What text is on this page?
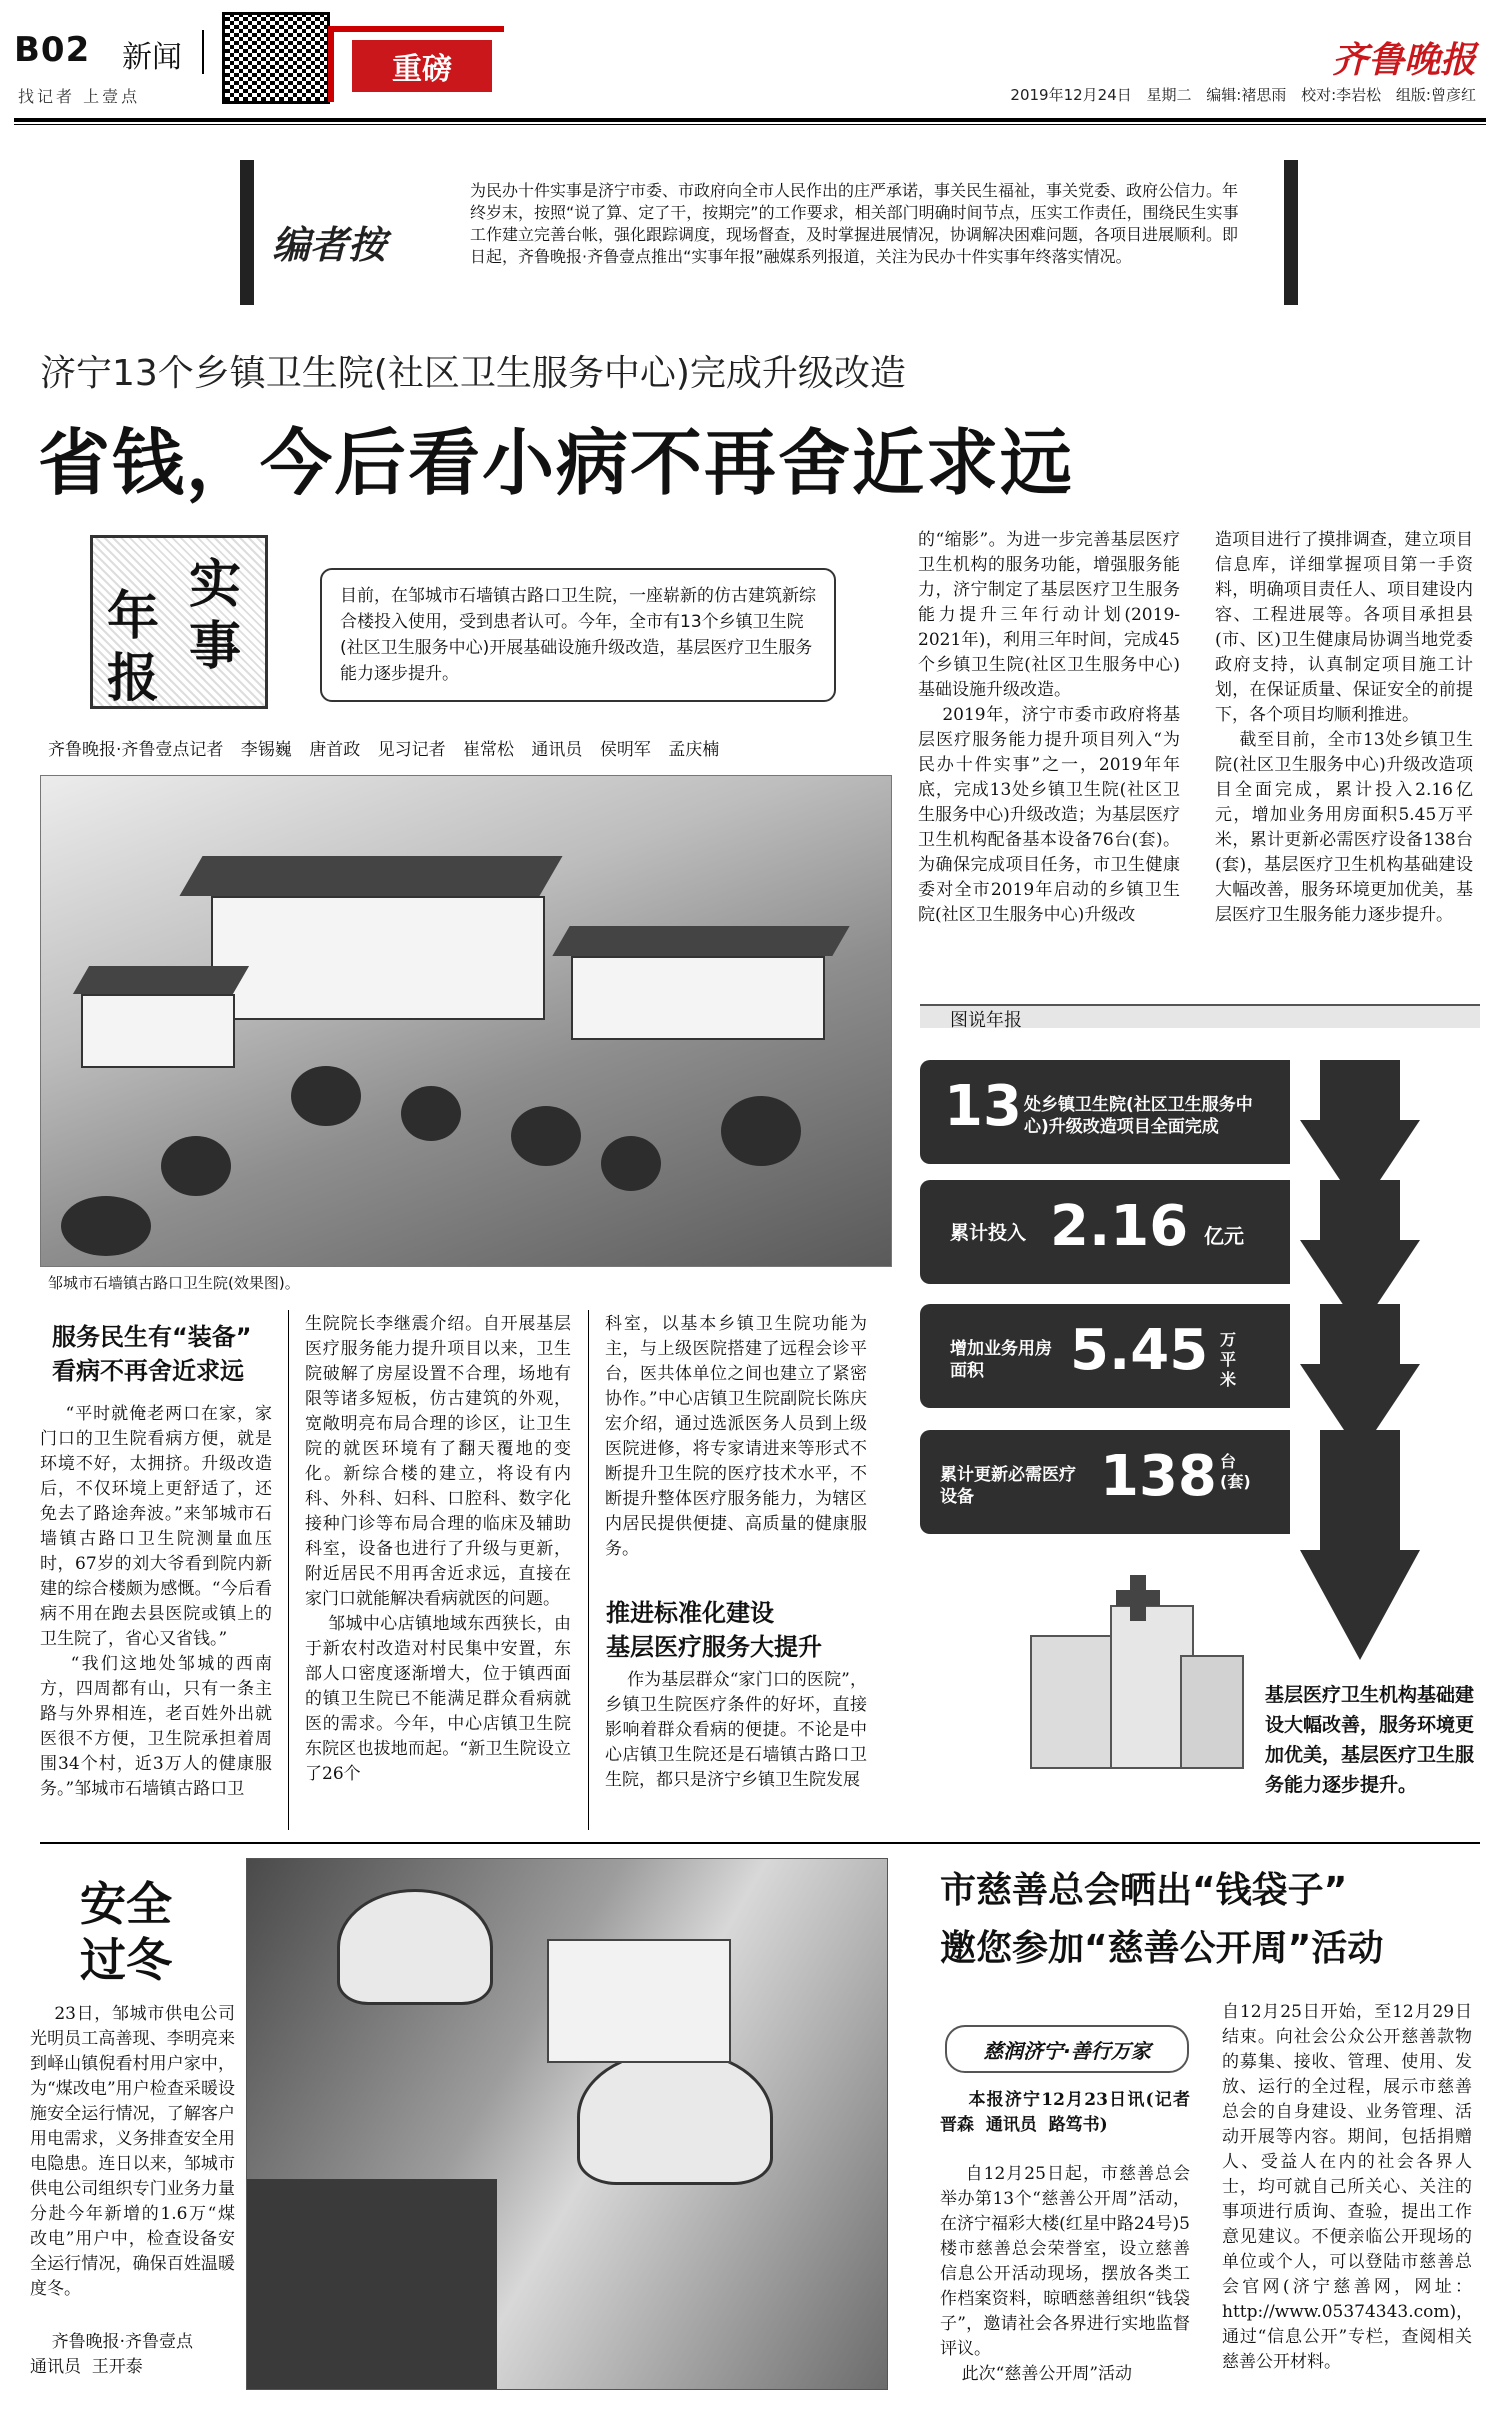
B02 新闻
找记者 上壹点
重磅	齐鲁晚报
2019年12月24日 星期二 编辑:褚思雨 校对:李岩松 组版:曾彦红
编者按
为民办十件实事是济宁市委、市政府向全市人民作出的庄严承诺，事关民生福祉，事关党委、政府公信力。年终岁末，按照“说了算、定了干，按期完”的工作要求，相关部门明确时间节点，压实工作责任，围绕民生实事工作建立完善台帐，强化跟踪调度，现场督查，及时掌握进展情况，协调解决困难问题，各项目进展顺利。即日起，齐鲁晚报·齐鲁壹点推出“实事年报”融媒系列报道，关注为民办十件实事年终落实情况。
济宁13个乡镇卫生院(社区卫生服务中心)完成升级改造
省钱，今后看小病不再舍近求远
年
实
报
事
目前，在邹城市石墙镇古路口卫生院，一座崭新的仿古建筑新综合楼投入使用，受到患者认可。今年，全市有13个乡镇卫生院(社区卫生服务中心)开展基础设施升级改造，基层医疗卫生服务能力逐步提升。
齐鲁晚报·齐鲁壹点记者 李锡巍 唐首政 见习记者 崔常松 通讯员 侯明军 孟庆楠
邹城市石墙镇古路口卫生院(效果图)。
服务民生有“装备”
看病不再舍近求远
推进标准化建设
基层医疗服务大提升
“平时就俺老两口在家，家门口的卫生院看病方便，就是环境不好，太拥挤。升级改造后，不仅环境上更舒适了，还免去了路途奔波。”来邹城市石墙镇古路口卫生院测量血压时，67岁的刘大爷看到院内新建的综合楼颇为感慨。“今后看病不用在跑去县医院或镇上的卫生院了，省心又省钱。”
“我们这地处邹城的西南方，四周都有山，只有一条主路与外界相连，老百姓外出就医很不方便，卫生院承担着周围34个村，近3万人的健康服务。”邹城市石墙镇古路口卫
生院院长李继震介绍。自开展基层医疗服务能力提升项目以来，卫生院破解了房屋设置不合理，场地有限等诸多短板，仿古建筑的外观，宽敞明亮布局合理的诊区，让卫生院的就医环境有了翻天覆地的变化。新综合楼的建立，将设有内科、外科、妇科、口腔科、数字化接种门诊等布局合理的临床及辅助科室，设备也进行了升级与更新，附近居民不用再舍近求远，直接在家门口就能解决看病就医的问题。
邹城中心店镇地域东西狭长，由于新农村改造对村民集中安置，东部人口密度逐渐增大，位于镇西面的镇卫生院已不能满足群众看病就医的需求。今年，中心店镇卫生院东院区也拔地而起。“新卫生院设立了26个
科室，以基本乡镇卫生院功能为主，与上级医院搭建了远程会诊平台，医共体单位之间也建立了紧密协作。”中心店镇卫生院副院长陈庆宏介绍，通过选派医务人员到上级医院进修，将专家请进来等形式不断提升卫生院的医疗技术水平，不断提升整体医疗服务能力，为辖区内居民提供便捷、高质量的健康服务。
作为基层群众“家门口的医院”，乡镇卫生院医疗条件的好坏，直接影响着群众看病的便捷。不论是中心店镇卫生院还是石墙镇古路口卫生院，都只是济宁乡镇卫生院发展
的“缩影”。为进一步完善基层医疗卫生机构的服务功能，增强服务能力，济宁制定了基层医疗卫生服务能力提升三年行动计划(2019-2021年)，利用三年时间，完成45个乡镇卫生院(社区卫生服务中心)基础设施升级改造。
2019年，济宁市委市政府将基层医疗服务能力提升项目列入“为民办十件实事”之一，2019年年底，完成13处乡镇卫生院(社区卫生服务中心)升级改造；为基层医疗卫生机构配备基本设备76台(套)。为确保完成项目任务，市卫生健康委对全市2019年启动的乡镇卫生院(社区卫生服务中心)升级改
造项目进行了摸排调查，建立项目信息库，详细掌握项目第一手资料，明确项目责任人、项目建设内容、工程进展等。各项目承担县(市、区)卫生健康局协调当地党委政府支持，认真制定项目施工计划，在保证质量、保证安全的前提下，各个项目均顺利推进。
截至目前，全市13处乡镇卫生院(社区卫生服务中心)升级改造项目全面完成，累计投入2.16亿元，增加业务用房面积5.45万平米，累计更新必需医疗设备138台(套)，基层医疗卫生机构基础建设大幅改善，服务环境更加优美，基层医疗卫生服务能力逐步提升。
图说年报
13 处乡镇卫生院(社区卫生服务中心)升级改造项目全面完成
累计投入 2.16 亿元
增加业务用房面积	5.45 万平米
累计更新必需医疗设备	138 台(套)
基层医疗卫生机构基础建设大幅改善，服务环境更加优美，基层医疗卫生服务能力逐步提升。
安全
过冬
23日，邹城市供电公司光明员工高善现、李明亮来到峄山镇倪看村用户家中，为“煤改电”用户检查采暖设施安全运行情况，了解客户用电需求，义务排查安全用电隐患。连日以来，邹城市供电公司组织专门业务力量分赴今年新增的1.6万“煤改电”用户中，检查设备安全运行情况，确保百姓温暖度冬。
齐鲁晚报·齐鲁壹点
通讯员  王开泰
市慈善总会晒出“钱袋子”
邀您参加“慈善公开周”活动
慈润济宁·善行万家
本报济宁12月23日讯(记者  晋森  通讯员  路笃书)
自12月25日起，市慈善总会举办第13个“慈善公开周”活动，在济宁福彩大楼(红星中路24号)5楼市慈善总会荣誉室，设立慈善信息公开活动现场，摆放各类工作档案资料，晾晒慈善组织“钱袋子”，邀请社会各界进行实地监督评议。
此次“慈善公开周”活动
自12月25日开始，至12月29日结束。向社会公众公开慈善款物的募集、接收、管理、使用、发放、运行的全过程，展示市慈善总会的自身建设、业务管理、活动开展等内容。期间，包括捐赠人、受益人在内的社会各界人士，均可就自己所关心、关注的事项进行质询、查验，提出工作意见建议。不便亲临公开现场的单位或个人，可以登陆市慈善总会官网(济宁慈善网，网址：http://www.05374343.com)，通过“信息公开”专栏，查阅相关慈善公开材料。
